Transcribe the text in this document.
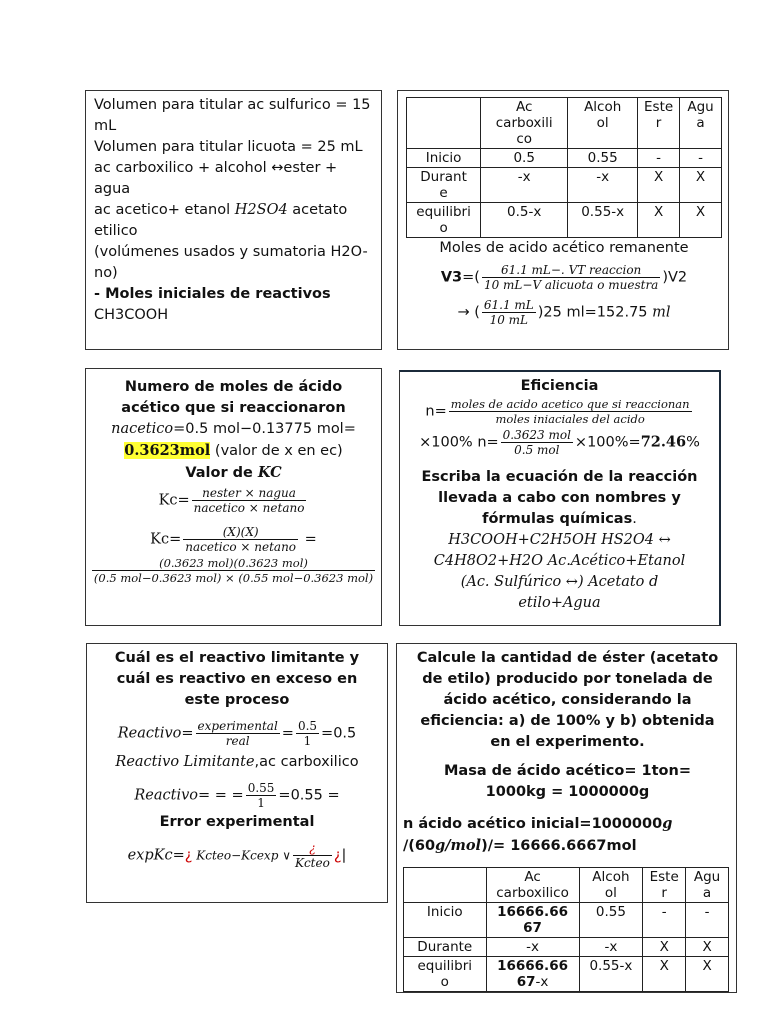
Volumen para titular ac sulfurico = 15 mL

Volumen para titular licuota = 25 mL

ac carboxilico + alcohol ↔ester + agua

ac acetico+ etanol H2SO4 acetato etilico

(volúmenes usados y sumatoria H2O-no)

- Moles iniciales de reactivos

CH3COOH

	Ac
carboxili
co	Alcoh
ol	Este
r	Agu
a
Inicio	0.5	0.55	-	-
Durant
e	-x	-x	X	X
equilibri
o	0.5-x	0.55-x	X	X

Moles de acido acético remanente

$V3=( \frac{\text{61.1 mL−. VT reaccion}}{\text{10 mL−V alicuota o muestra}} )V2$
→ ( $\frac{61.1 mL}{10 mL} )25$ ml=152.75 ml

Numero de moles de ácido

acético que si reaccionaron

nacetico=0.5 mol−0.13775 mol=

0.3623mol (valor de x en ec)

Valor de KC

$Kc= \frac{\text{nester × nagua}}{\text{nacetico × netano}}$
$Kc= \frac{(X)(X)}{\text{nacetico × netano}}$ =
$\frac{\text{(0.3623 mol)(0.3623 mol)}}{\text{(0.5 mol−0.3623 mol) × (0.55 mol−0.3623 mol)}}$

Eficiencia

$n= \frac{\text{moles de acido acetico que si reaccionan}}{\text{moles iniaciales del acido}}$
×100% $n= \frac{\text{0.3623 mol}}{\text{0.5 mol}} \times 100\%=72.46\%$

Escriba la ecuación de la reacción

llevada a cabo con nombres y

fórmulas químicas.

H3COOH+C2H5OH HS2O4 ↔

C4H8O2+H2O Ac.Acético+Etanol

(Ac. Sulfúrico ↔) Acetato d

etilo+Agua

Cuál es el reactivo limitante y

cuál es reactivo en exceso en

este proceso

Reactivo= $\frac{\text{experimental}}{\text{real}} = \frac{0.5}{1} =0.5$

Reactivo Limitante,ac carboxilico

Reactivo= = = $\frac{0.55}{1} =0.55$ =

Error experimental

expKc=¿ Kcteo−Kcexp ∨ $\frac{¿}{\text{Kcteo}}$ ¿|

Calcule la cantidad de éster (acetato

de etilo) producido por tonelada de

ácido acético, considerando la

eficiencia: a) de 100% y b) obtenida

en el experimento.

Masa de ácido acético= 1ton=

1000kg = 1000000g

n ácido acético inicial=1000000g

/(60g/mol)/= 16666.6667mol

	Ac
carboxilico	Alcoh
ol	Este
r	Agu
a
Inicio	16666.66
67	0.55	-	-
Durante	-x	-x	X	X
equilibri
o	16666.66
67-x	0.55-x	X	X
